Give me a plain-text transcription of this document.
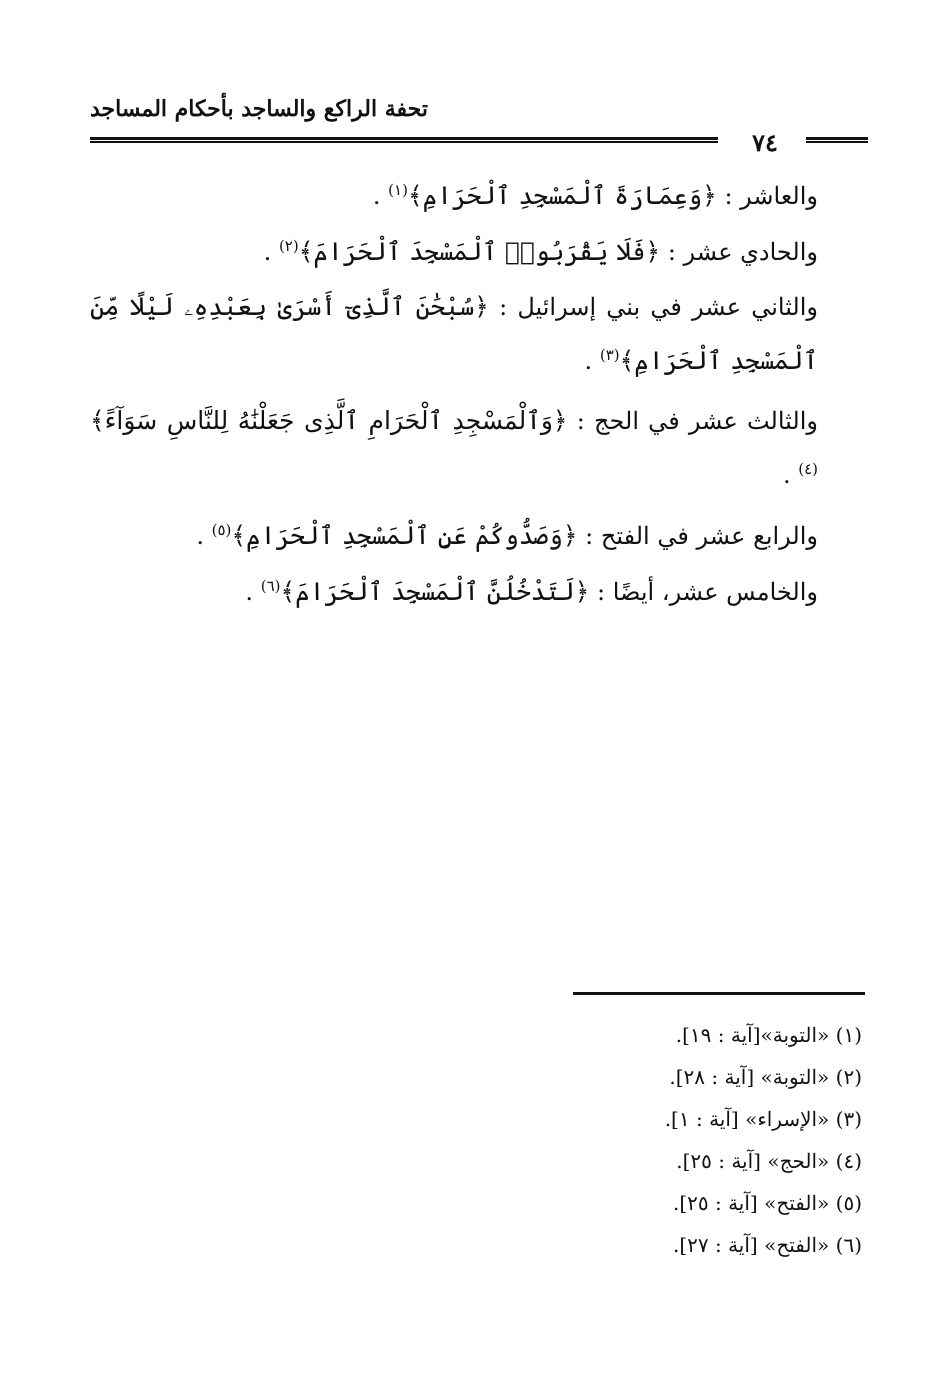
تحفة الراكع والساجد بأحكام المساجد
٧٤

والعاشر : ﴿وَعِمَارَةَ ٱلْمَسْجِدِ ٱلْحَرَامِ﴾$^{(١)}$ .

والحادي عشر : ﴿فَلَا يَقْرَبُوا۟ ٱلْمَسْجِدَ ٱلْحَرَامَ﴾$^{(٢)}$ .

والثاني عشر في بني إسرائيل : ﴿سُبْحَٰنَ ٱلَّذِىٓ أَسْرَىٰ بِعَبْدِهِۦ لَيْلًا مِّنَ ٱلْمَسْجِدِ ٱلْحَرَامِ﴾$^{(٣)}$ .

والثالث عشر في الحج : ﴿وَٱلْمَسْجِدِ ٱلْحَرَامِ ٱلَّذِى جَعَلْنَٰهُ لِلنَّاسِ سَوَآءً﴾$^{(٤)}$ .

والرابع عشر في الفتح : ﴿وَصَدُّوكُمْ عَنِ ٱلْمَسْجِدِ ٱلْحَرَامِ﴾$^{(٥)}$ .

والخامس عشر، أيضًا : ﴿لَتَدْخُلُنَّ ٱلْمَسْجِدَ ٱلْحَرَامَ﴾$^{(٦)}$ .

(١) «التوبة»[آية : ١٩].
(٢) «التوبة» [آية : ٢٨].
(٣) «الإسراء» [آية : ١].
(٤) «الحج» [آية : ٢٥].
(٥) «الفتح» [آية : ٢٥].
(٦) «الفتح» [آية : ٢٧].
